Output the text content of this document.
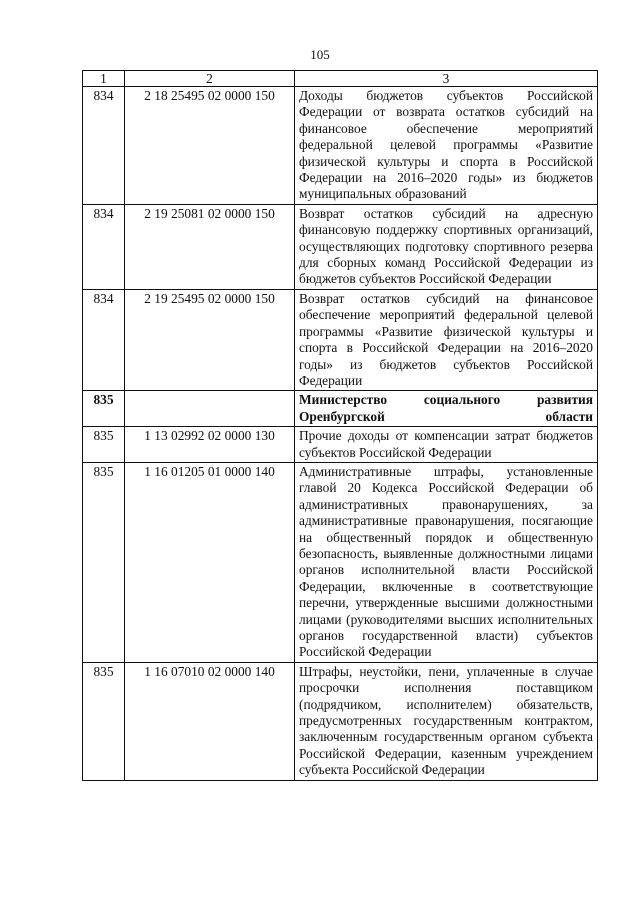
105
1	2	3
834	2 18 25495 02 0000 150	Доходы бюджетов субъектов Российской Федерации от возврата остатков субсидий на финансовое обеспечение мероприятий федеральной целевой программы «Развитие физической культуры и спорта в Российской Федерации на 2016–2020 годы» из бюджетов муниципальных образований
834	2 19 25081 02 0000 150	Возврат остатков субсидий на адресную финансовую поддержку спортивных организаций, осуществляющих подготовку спортивного резерва для сборных команд Российской Федерации из бюджетов субъектов Российской Федерации
834	2 19 25495 02 0000 150	Возврат остатков субсидий на финансовое обеспечение мероприятий федеральной целевой программы «Развитие физической культуры и спорта в Российской Федерации на 2016–2020 годы» из бюджетов субъектов Российской Федерации
835		Министерство социального развития Оренбургской области
835	1 13 02992 02 0000 130	Прочие доходы от компенсации затрат бюджетов субъектов Российской Федерации
835	1 16 01205 01 0000 140	Административные штрафы, установленные главой 20 Кодекса Российской Федерации об административных правонарушениях, за административные правонарушения, посягающие на общественный порядок и общественную безопасность, выявленные должностными лицами органов исполнительной власти Российской Федерации, включенные в соответствующие перечни, утвержденные высшими должностными лицами (руководителями высших исполнительных органов государственной власти) субъектов Российской Федерации
835	1 16 07010 02 0000 140	Штрафы, неустойки, пени, уплаченные в случае просрочки исполнения поставщиком (подрядчиком, исполнителем) обязательств, предусмотренных государственным контрактом, заключенным государственным органом субъекта Российской Федерации, казенным учреждением субъекта Российской Федерации
